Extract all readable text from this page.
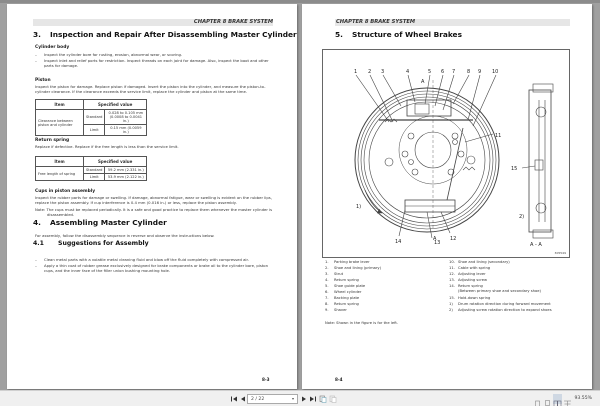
CHAPTER 8 BRAKE SYSTEM
3. Inspection and Repair After Disassembling Master Cylinder
Cylinder body
– Inspect the cylinder bore for rusting, erosion, abnormal wear, or scoring.
– Inspect inlet and relief ports for restriction. Inspect threads on each joint for damage. Also, inspect the boot and other parts for damage.
Piston
Inspect the piston for damage. Replace piston if damaged. Insert the piston into the cylinder, and measure the piston-to-cylinder clearance. If the clearance exceeds the service limit, replace the cylinder and piston at the same time.
Item	Specified value	
Clearance between piston and cylinder	Standard	0.028 to 0.105 mm (0.0008 to 0.0041 in.)
	Limit	0.15 mm (0.0059 in.)
Return spring
Replace if defective. Replace if the free length is less than the service limit.
Item	Specified value	
Free length of spring	Standard	59.2 mm (2.331 in.)
	Limit	53.9 mm (2.122 in.)
Cups in piston assembly
Inspect the rubber parts for damage or swelling. If damage, abnormal fatigue, wear or swelling is evident on the rubber lips, replace the piston assembly. If cup interference is 0.4 mm (0.016 in.) or less, replace the piston assembly.
Note: The cups must be replaced periodically. It is a safe and good practice to replace them whenever the master cylinder is disassembled.
4. Assembling Master Cylinder
For assembly, follow the disassembly sequence in reverse and observe the instructions below.
4.1 Suggestions for Assembly
– Clean metal parts with a volatile metal cleaning fluid and blow off the fluid completely with compressed air.
– Apply a thin coat of rubber grease exclusively designed for brake components or brake oil to the cylinder bore, piston cups, and the inner face of the filler union bushing mounting hole.
8-3
CHAPTER 8 BRAKE SYSTEM
5. Structure of Wheel Brakes
1 2 3	4	5 6 7 8 9 10
A
11
12
13
14
15
1)
2)
A
A - A
305549
1. Parking brake lever
2. Shoe and lining (primary)
3. Strut
4. Return spring
5. Shoe guide plate
6. Wheel cylinder
7. Backing plate
8. Return spring
9. Shaver
10. Shoe and lining (secondary)
11. Cable with spring
12. Adjusting lever
13. Adjusting screw
14. Return spring
(Between primary shoe and secondary shoe)
15. Hold-down spring
1) Drum rotation direction during forward movement
2) Adjusting screw rotation direction to expand shoes
Note: Shown in the figure is for the left.
8-4
2 / 22	▾	93.55%
